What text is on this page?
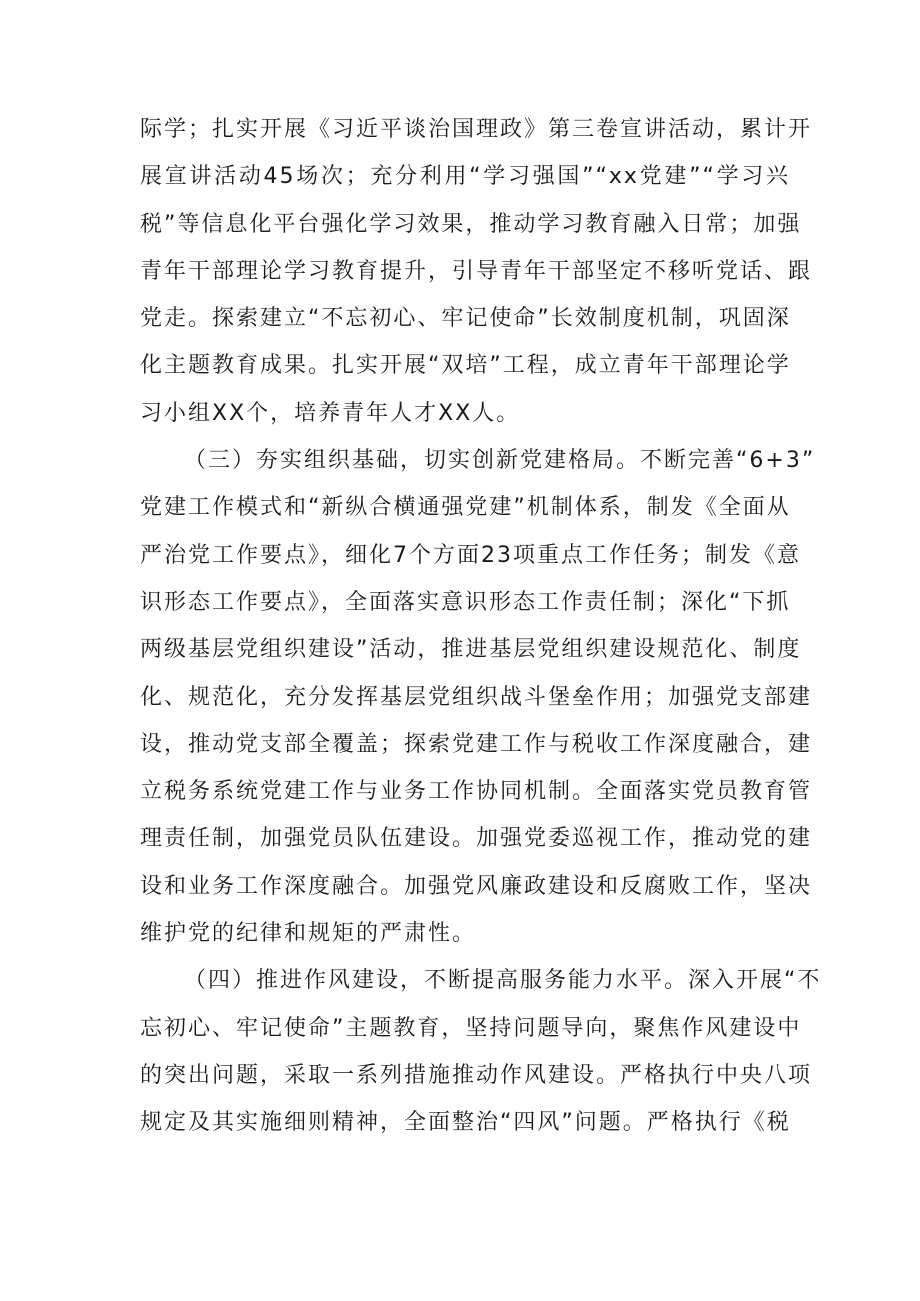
际学；扎实开展《习近平谈治国理政》第三卷宣讲活动，累计开
展宣讲活动45场次；充分利用“学习强国”“xx党建”“学习兴
税”等信息化平台强化学习效果，推动学习教育融入日常；加强
青年干部理论学习教育提升，引导青年干部坚定不移听党话、跟
党走。探索建立“不忘初心、牢记使命”长效制度机制，巩固深
化主题教育成果。扎实开展“双培”工程，成立青年干部理论学
习小组XX个，培养青年人才XX人。
（三）夯实组织基础，切实创新党建格局。不断完善“6+3”
党建工作模式和“新纵合横通强党建”机制体系，制发《全面从
严治党工作要点》，细化7个方面23项重点工作任务；制发《意
识形态工作要点》，全面落实意识形态工作责任制；深化“下抓
两级基层党组织建设”活动，推进基层党组织建设规范化、制度
化、规范化，充分发挥基层党组织战斗堡垒作用；加强党支部建
设，推动党支部全覆盖；探索党建工作与税收工作深度融合，建
立税务系统党建工作与业务工作协同机制。全面落实党员教育管
理责任制，加强党员队伍建设。加强党委巡视工作，推动党的建
设和业务工作深度融合。加强党风廉政建设和反腐败工作，坚决
维护党的纪律和规矩的严肃性。
（四）推进作风建设，不断提高服务能力水平。深入开展“不
忘初心、牢记使命”主题教育，坚持问题导向，聚焦作风建设中
的突出问题，采取一系列措施推动作风建设。严格执行中央八项
规定及其实施细则精神，全面整治“四风”问题。严格执行《税
